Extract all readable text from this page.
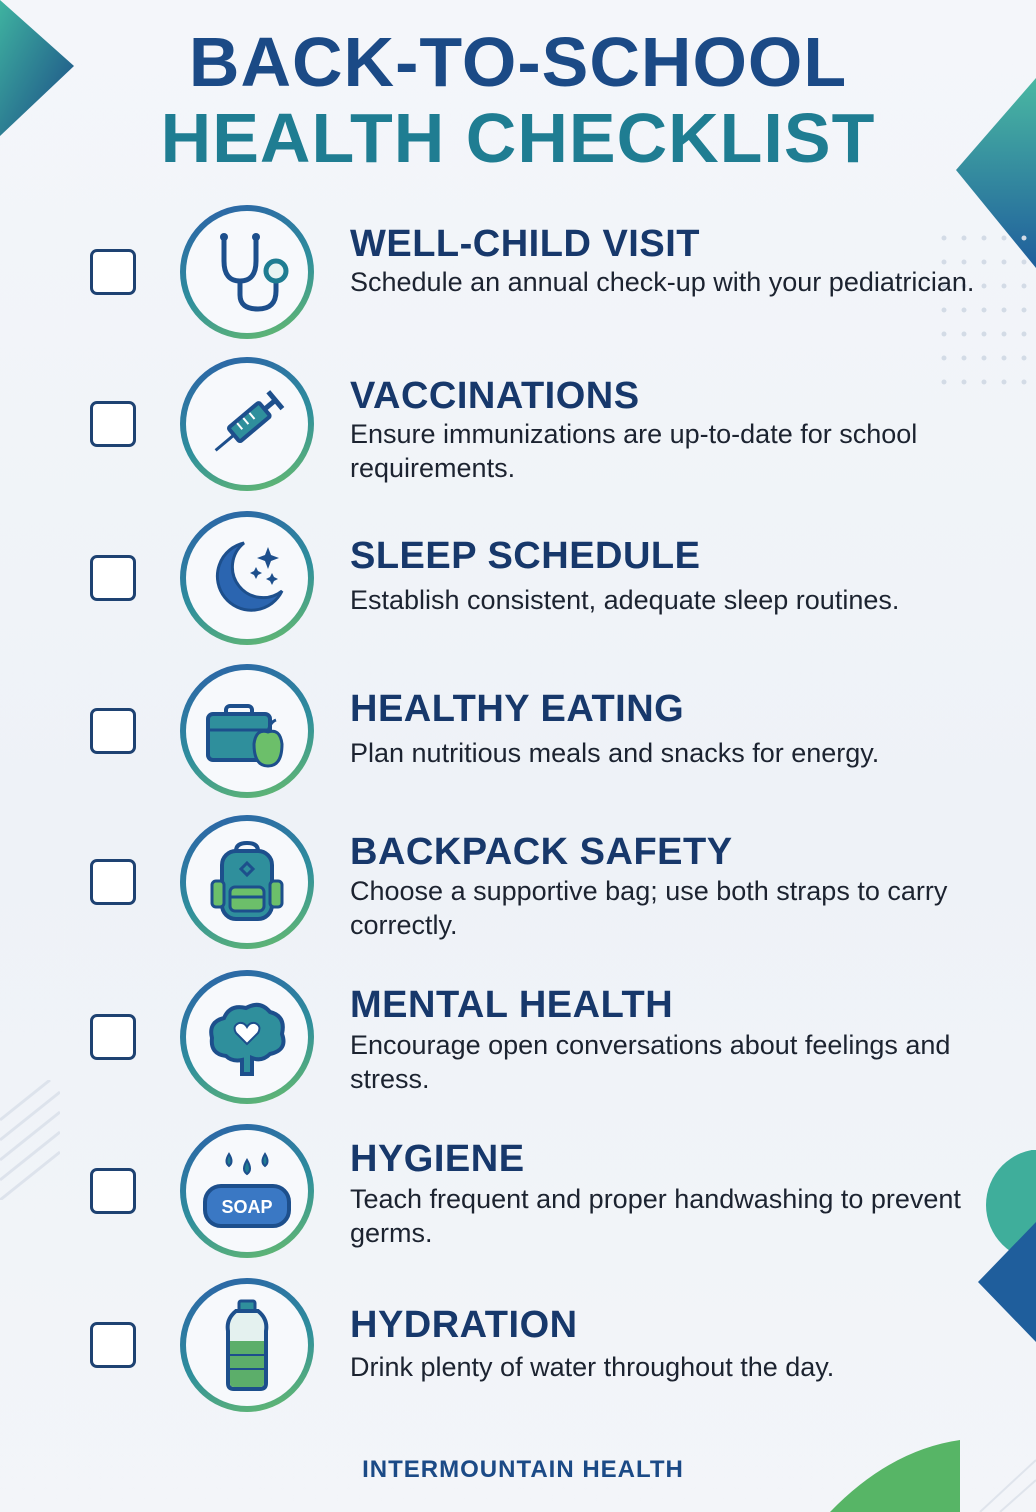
BACK-TO-SCHOOL
HEALTH CHECKLIST
WELL-CHILD VISIT
Schedule an annual check-up with your pediatrician.
VACCINATIONS
Ensure immunizations are up-to-date for school requirements.
SLEEP SCHEDULE
Establish consistent, adequate sleep routines.
HEALTHY EATING
Plan nutritious meals and snacks for energy.
BACKPACK SAFETY
Choose a supportive bag; use both straps to carry correctly.
MENTAL HEALTH
Encourage open conversations about feelings and stress.
SOAP
HYGIENE
Teach frequent and proper handwashing to prevent germs.
HYDRATION
Drink plenty of water throughout the day.
INTERMOUNTAIN HEALTH
